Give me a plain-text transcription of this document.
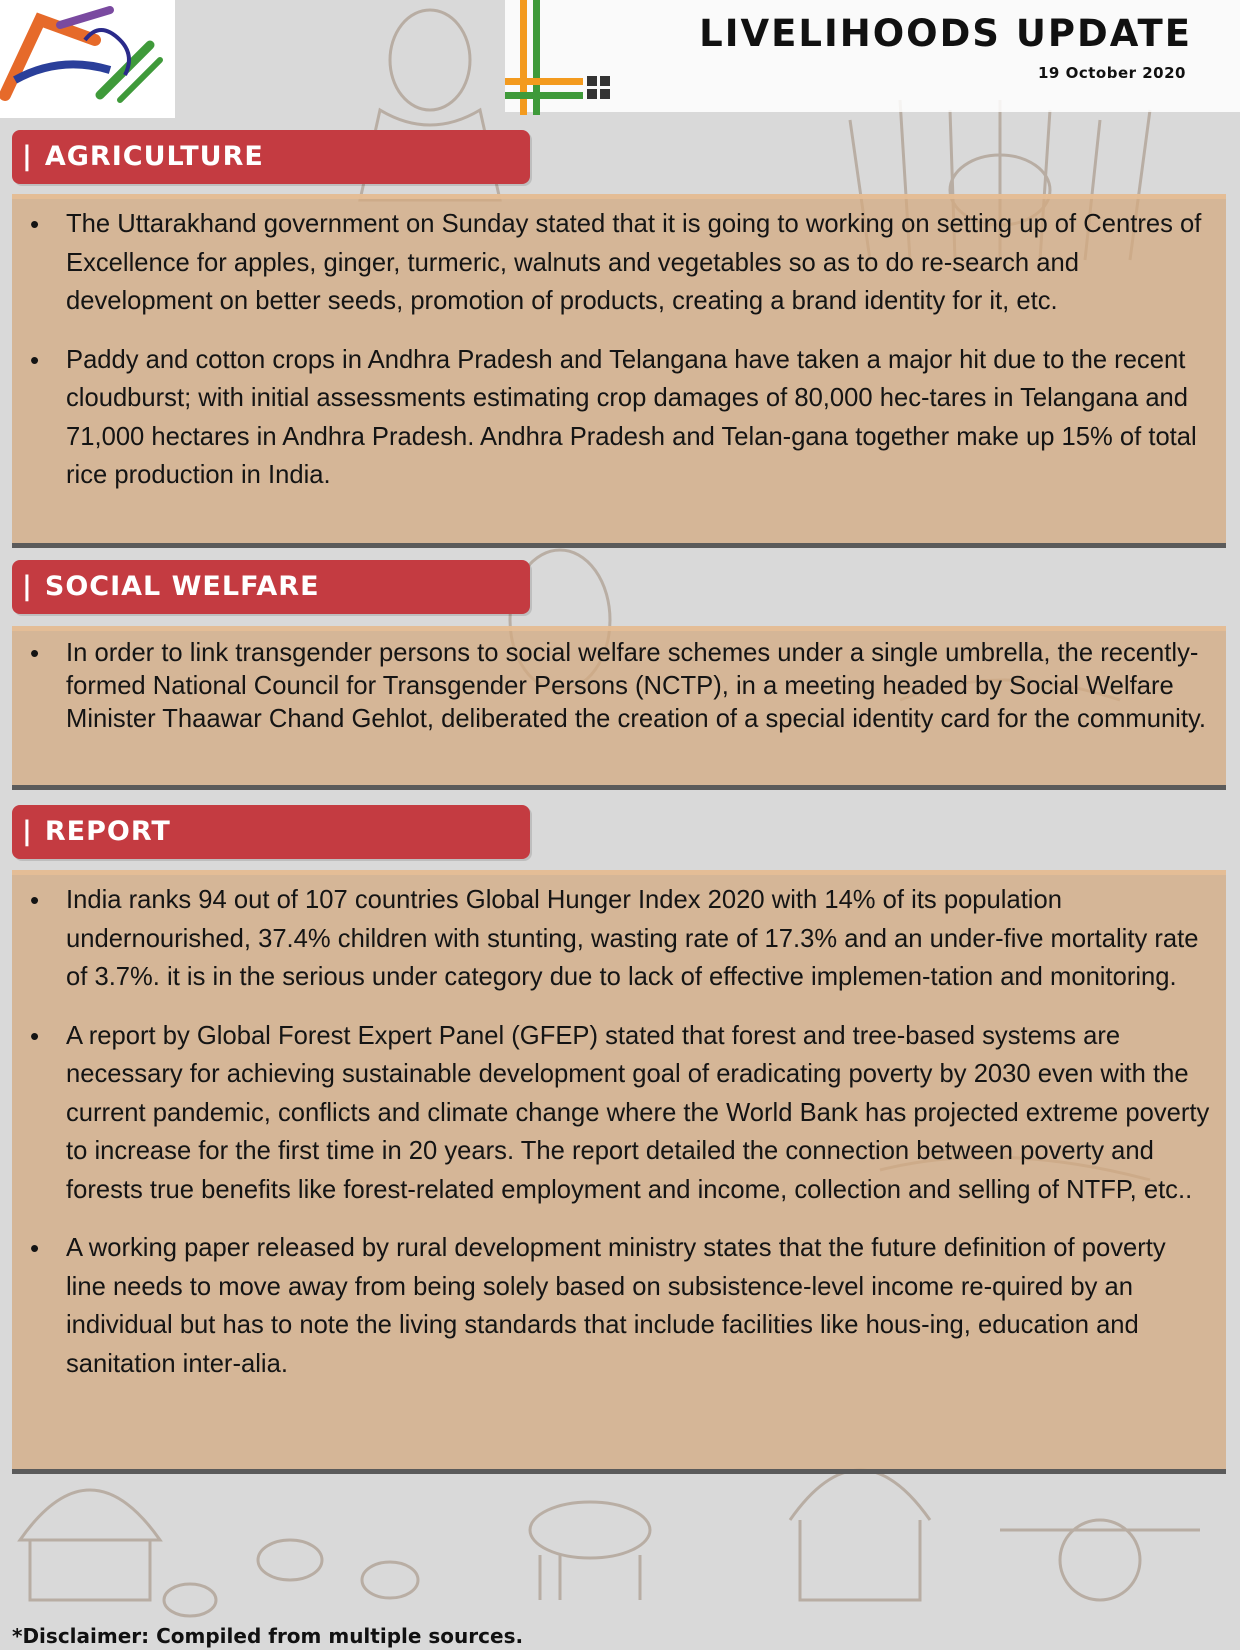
LIVELIHOODS UPDATE
19 October 2020
| AGRICULTURE
• The Uttarakhand government on Sunday stated that it is going to working on setting up of Centres of Excellence for apples, ginger, turmeric, walnuts and vegetables so as to do re-search and development on better seeds, promotion of products, creating a brand identity for it, etc.
• Paddy and cotton crops in Andhra Pradesh and Telangana have taken a major hit due to the recent cloudburst; with initial assessments estimating crop damages of 80,000 hec-tares in Telangana and 71,000 hectares in Andhra Pradesh. Andhra Pradesh and Telan-gana together make up 15% of total rice production in India.
| SOCIAL WELFARE
• In order to link transgender persons to social welfare schemes under a single umbrella, the recently-formed National Council for Transgender Persons (NCTP), in a meeting headed by Social Welfare Minister Thaawar Chand Gehlot, deliberated the creation of a special identity card for the community.
| REPORT
• India ranks 94 out of 107 countries Global Hunger Index 2020 with 14% of its population undernourished, 37.4% children with stunting, wasting rate of 17.3% and an under-five mortality rate of 3.7%. it is in the serious under category due to lack of effective implemen-tation and monitoring.
• A report by Global Forest Expert Panel (GFEP) stated that forest and tree-based systems are necessary for achieving sustainable development goal of eradicating poverty by 2030 even with the current pandemic, conflicts and climate change where the World Bank has projected extreme poverty to increase for the first time in 20 years. The report detailed the connection between poverty and forests true benefits like forest-related employment and income, collection and selling of NTFP, etc..
• A working paper released by rural development ministry states that the future definition of poverty line needs to move away from being solely based on subsistence-level income re-quired by an individual but has to note the living standards that include facilities like hous-ing, education and sanitation inter-alia.
*Disclaimer: Compiled from multiple sources.
